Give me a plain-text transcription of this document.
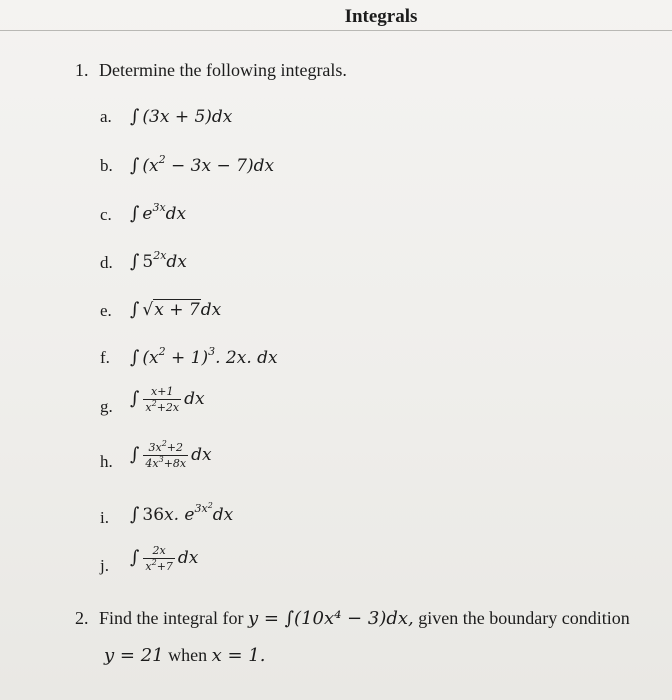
Integrals
1. Determine the following integrals.
a. ∫ (3x + 5)dx
b. ∫ $(x^2 - 3x - 7)dx$
c. ∫ $e^{3x}dx$
d. ∫ $5^{2x}dx$
e. ∫ √x + 7dx
f. ∫ $(x^2 + 1)^3$. 2x. dx
g. ∫ $\frac{x+1}{x^2+2x}$ dx
h. ∫ $\frac{3x^2+2}{4x^3+8x}$ dx
i. ∫ 36x. $e^{3x^2}dx$
j. ∫ $\frac{2x}{x^2+7}$ dx
2. Find the integral for y = ∫(10x⁴ − 3)dx, given the boundary condition
y = 21 when x = 1.
